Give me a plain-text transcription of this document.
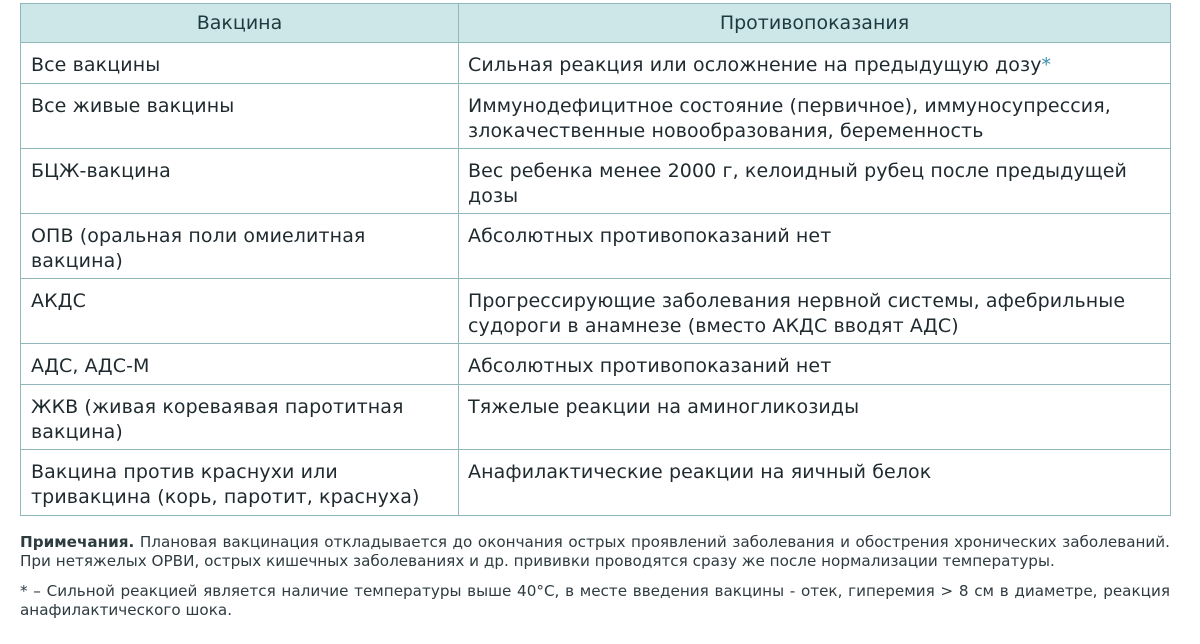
Вакцина	Противопоказания
Все вакцины	Сильная реакция или осложнение на предыдущую дозу*
Все живые вакцины	Иммунодефицитное состояние (первичное), иммуносупрессия, злокачественные новообразования, беременность
БЦЖ-вакцина	Вес ребенка менее 2000 г, келоидный рубец после предыдущей дозы
ОПВ (оральная поли омиелитная вакцина)	Абсолютных противопоказаний нет
АКДС	Прогрессирующие заболевания нервной системы, афебрильные судороги в анамнезе (вместо АКДС вводят АДС)
АДС, АДС-М	Абсолютных противопоказаний нет
ЖКВ (живая кореваявая паротитная вакцина)	Тяжелые реакции на аминогликозиды
Вакцина против краснухи или тривакцина (корь, паротит, краснуха)	Анафилактические реакции на яичный белок

Примечания. Плановая вакцинация откладывается до окончания острых проявлений заболевания и обострения хронических заболеваний. При нетяжелых ОРВИ, острых кишечных заболеваниях и др. прививки проводятся сразу же после нормализации температуры.

* – Сильной реакцией является наличие температуры выше 40°С, в месте введения вакцины - отек, гиперемия > 8 см в диаметре, реакция анафилактического шока.
